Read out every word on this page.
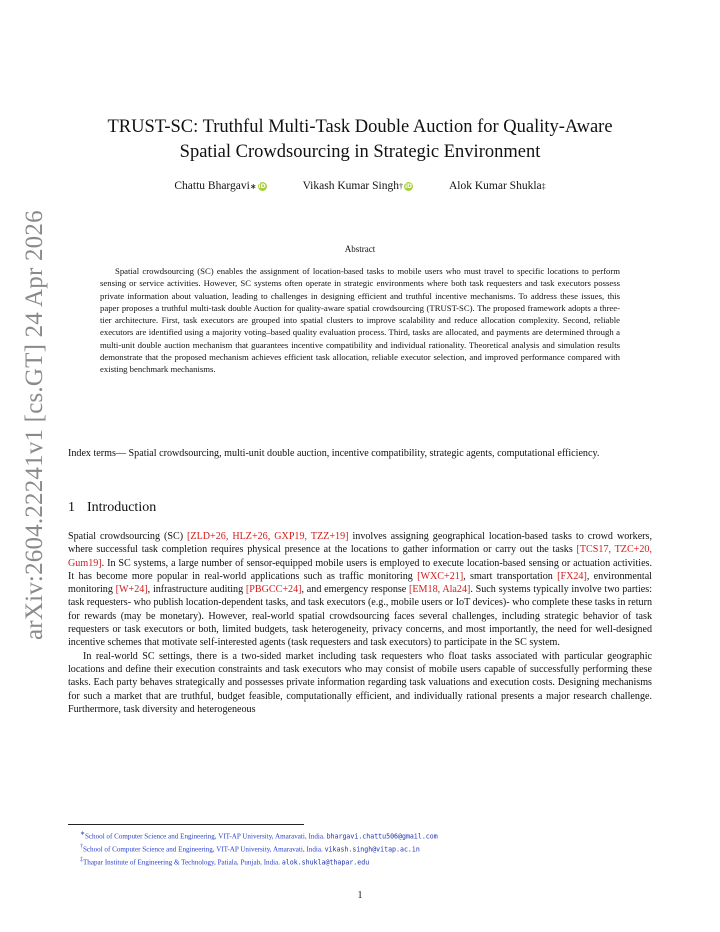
arXiv:2604.22241v1 [cs.GT] 24 Apr 2026
TRUST-SC: Truthful Multi-Task Double Auction for Quality-Aware
Spatial Crowdsourcing in Strategic Environment
Chattu Bhargavi ∗ iD	Vikash Kumar Singh † iD	Alok Kumar Shukla ‡
Abstract
Spatial crowdsourcing (SC) enables the assignment of location-based tasks to mobile users who must travel to specific locations to perform sensing or service activities. However, SC systems often operate in strategic environments where both task requesters and task executors possess private information about valuation, leading to challenges in designing efficient and truthful incentive mechanisms. To address these issues, this paper proposes a truthful multi-task double Auction for quality-aware spatial crowdsourcing (TRUST-SC). The proposed framework adopts a three-tier architecture. First, task executors are grouped into spatial clusters to improve scalability and reduce allocation complexity. Second, reliable executors are identified using a majority voting–based quality evaluation process. Third, tasks are allocated, and payments are determined through a multi-unit double auction mechanism that guarantees incentive compatibility and individual rationality. Theoretical analysis and simulation results demonstrate that the proposed mechanism achieves efficient task allocation, reliable executor selection, and improved performance compared with existing benchmark mechanisms.
Index terms— Spatial crowdsourcing, multi-unit double auction, incentive compatibility, strategic agents, computational efficiency.
1 Introduction

Spatial crowdsourcing (SC) [ZLD+26, HLZ+26, GXP19, TZZ+19] involves assigning geographical location-based tasks to crowd workers, where successful task completion requires physical presence at the locations to gather information or carry out the tasks [TCS17, TZC+20, Gum19]. In SC systems, a large number of sensor-equipped mobile users is employed to execute location-based sensing or actuation activities. It has become more popular in real-world applications such as traffic monitoring [WXC+21], smart transportation [FX24], environmental monitoring [W+24], infrastructure auditing [PBGCC+24], and emergency response [EM18, Ala24]. Such systems typically involve two parties: task requesters- who publish location-dependent tasks, and task executors (e.g., mobile users or IoT devices)- who complete these tasks in return for rewards (may be monetary). However, real-world spatial crowdsourcing faces several challenges, including strategic behavior of task requesters or task executors or both, limited budgets, task heterogeneity, privacy concerns, and most importantly, the need for well-designed incentive schemes that motivate self-interested agents (task requesters and task executors) to participate in the SC system.

In real-world SC settings, there is a two-sided market including task requesters who float tasks associated with particular geographic locations and define their execution constraints and task executors who may consist of mobile users capable of successfully performing these tasks. Each party behaves strategically and possesses private information regarding task valuations and execution costs. Designing mechanisms for such a market that are truthful, budget feasible, computationally efficient, and individually rational presents a major research challenge. Furthermore, task diversity and heterogeneous

∗School of Computer Science and Engineering, VIT-AP University, Amaravati, India. bhargavi.chattu506@gmail.com
†School of Computer Science and Engineering, VIT-AP University, Amaravati, India. vikash.singh@vitap.ac.in
‡Thapar Institute of Engineering & Technology, Patiala, Punjab, India. alok.shukla@thapar.edu
1
